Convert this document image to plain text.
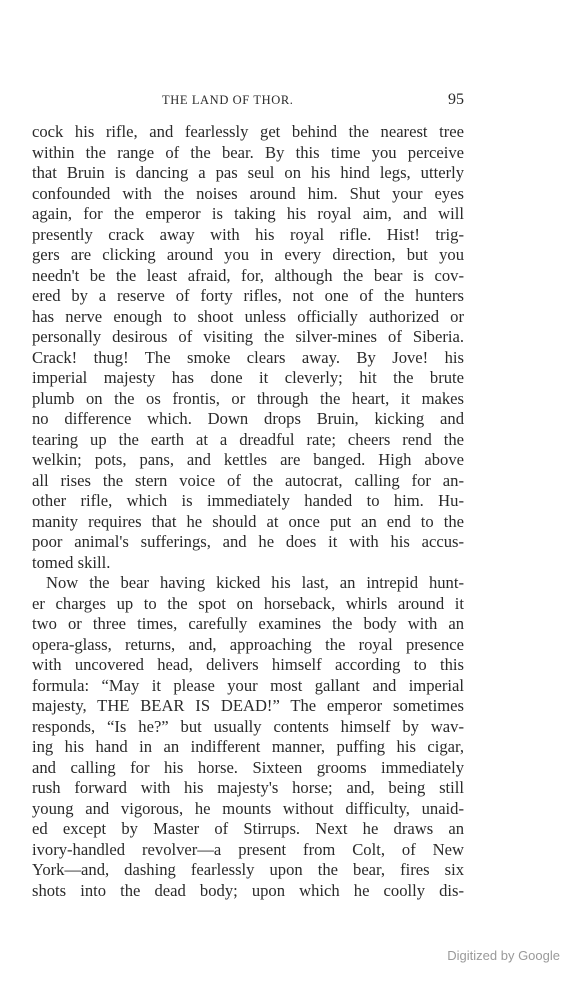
THE LAND OF THOR.	95
cock his rifle, and fearlessly get behind the nearest tree
within the range of the bear. By this time you perceive
that Bruin is dancing a pas seul on his hind legs, utterly
confounded with the noises around him. Shut your eyes
again, for the emperor is taking his royal aim, and will
presently crack away with his royal rifle. Hist! trig-
gers are clicking around you in every direction, but you
needn't be the least afraid, for, although the bear is cov-
ered by a reserve of forty rifles, not one of the hunters
has nerve enough to shoot unless officially authorized or
personally desirous of visiting the silver-mines of Siberia.
Crack! thug! The smoke clears away. By Jove! his
imperial majesty has done it cleverly; hit the brute
plumb on the os frontis, or through the heart, it makes
no difference which. Down drops Bruin, kicking and
tearing up the earth at a dreadful rate; cheers rend the
welkin; pots, pans, and kettles are banged. High above
all rises the stern voice of the autocrat, calling for an-
other rifle, which is immediately handed to him. Hu-
manity requires that he should at once put an end to the
poor animal's sufferings, and he does it with his accus-
tomed skill.
Now the bear having kicked his last, an intrepid hunt-
er charges up to the spot on horseback, whirls around it
two or three times, carefully examines the body with an
opera-glass, returns, and, approaching the royal presence
with uncovered head, delivers himself according to this
formula: “May it please your most gallant and imperial
majesty, THE BEAR IS DEAD!” The emperor sometimes
responds, “Is he?” but usually contents himself by wav-
ing his hand in an indifferent manner, puffing his cigar,
and calling for his horse. Sixteen grooms immediately
rush forward with his majesty's horse; and, being still
young and vigorous, he mounts without difficulty, unaid-
ed except by Master of Stirrups. Next he draws an
ivory-handled revolver—a present from Colt, of New
York—and, dashing fearlessly upon the bear, fires six
shots into the dead body; upon which he coolly dis-
Digitized by Google
